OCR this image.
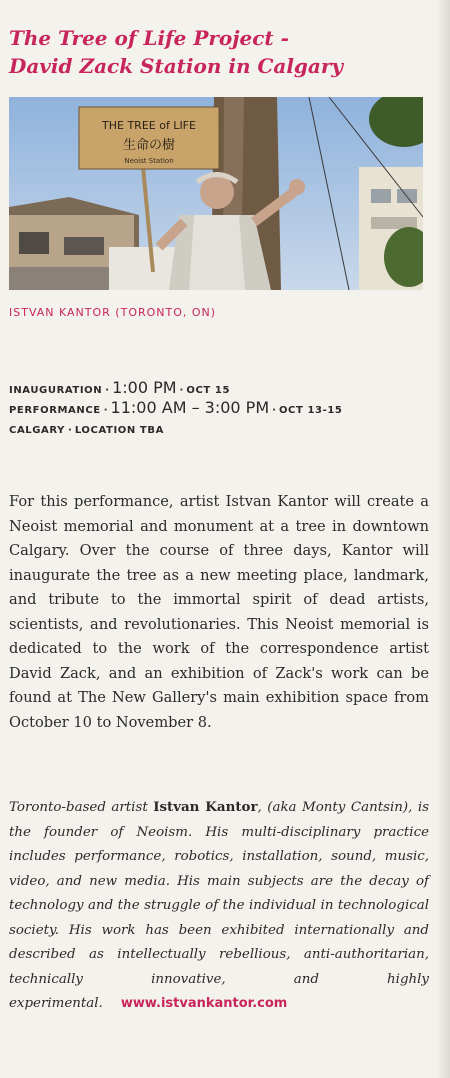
The Tree of Life Project -
David Zack Station in Calgary
THE TREE of LIFE
生命の樹
Neoist Station
ISTVAN KANTOR (TORONTO, ON)
INAUGURATION · 1:00 PM · OCT 15
PERFORMANCE · 11:00 AM – 3:00 PM · OCT 13-15
CALGARY · LOCATION TBA

For this performance, artist Istvan Kantor will create a Neoist memorial and monument at a tree in downtown Calgary. Over the course of three days, Kantor will inaugurate the tree as a new meeting place, landmark, and tribute to the immortal spirit of dead artists, scientists, and revolutionaries. This Neoist memorial is dedicated to the work of the correspondence artist David Zack, and an exhibition of Zack's work can be found at The New Gallery's main exhibition space from October 10 to November 8.

Toronto-based artist Istvan Kantor, (aka Monty Cantsin), is the founder of Neoism. His multi-disciplinary practice includes performance, robotics, installation, sound, music, video, and new media. His main subjects are the decay of technology and the struggle of the individual in technological society. His work has been exhibited internationally and described as intellectually rebellious, anti-authoritarian, technically innovative, and highly experimental. www.istvankantor.com
